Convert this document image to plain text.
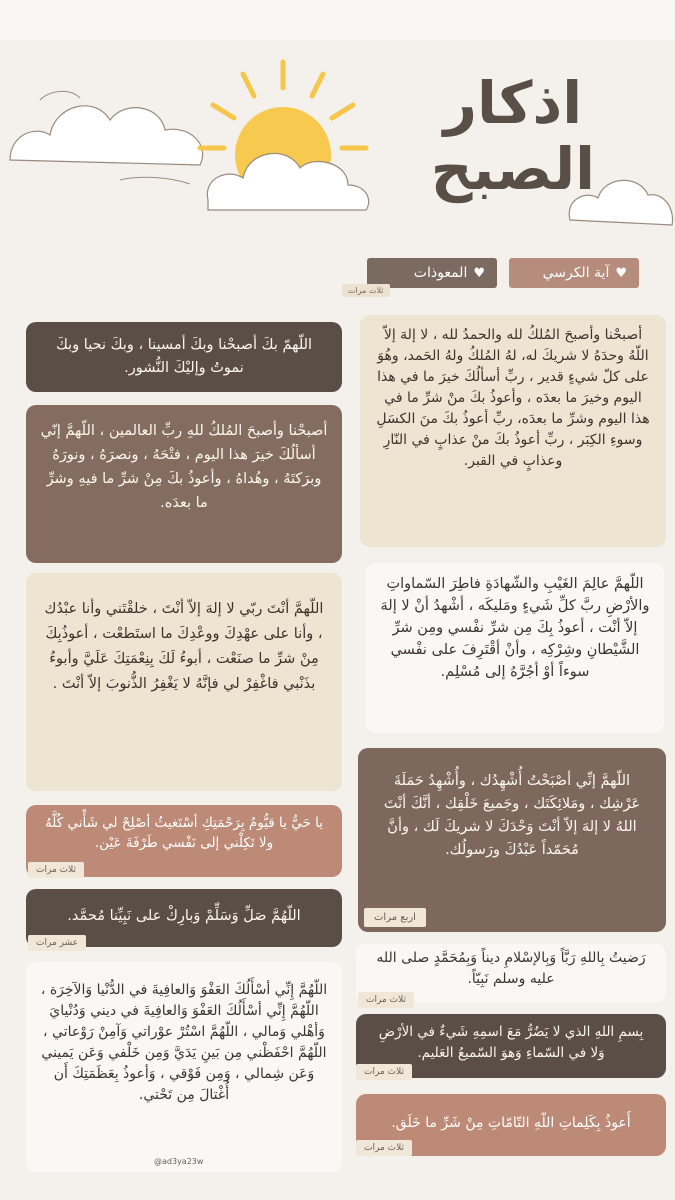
اذكار
الصبح
♥
آية الكرسي
♥
المعوذات
ثلاث مرات
اللّهمّ بكَ أصبحْنا وبكَ أمسينا ، وبكَ نحيا وبكَ نموتُ وإليْكَ النُّشور.
أصبحْنا وأصبحَ المُلكُ للهِ ربِّ العالمين ، اللّهمَّ إنّي أسألُكَ خيرَ هذا اليوم ، فتْحَهُ ، ونصرَهُ ، ونورَهُ وبرَكتَهُ ، وهُداهُ ، وأعوذُ بكَ مِنْ شرِّ ما فيهِ وشرِّ ما بعدَه.
اللّهمَّ أنْتَ ربّي لا إلهَ إلاّ أنْتَ ، خلقْتَني وأنا عبْدُك ، وأنا على عهْدِكَ ووعْدِكَ ما استَطعْت ، أعوذُبِكَ مِنْ شرِّ ما صنَعْت ، أبوءُ لَكَ بِنِعْمَتِكَ عَلَيَّ وأبوءُ بذَنْبي فاغْفِرْ لي فإنَّهُ لا يَغْفِرُ الذُّنوبَ إلاّ أنْتَ .
يا حَيُّ يا قيُّومُ بِرَحْمَتِكِ أسْتَغيثُ أصْلِحْ لي شَأْني كُلَّهُ ولا تَكِلْني إلى نَفْسي طَرْفَةَ عَيْن.
ثلاث مرات
اللّهُمَّ صَلِّ وَسَلِّمْ وَبارِكْ على نَبِيِّنا مُحمَّد.
عشر مرات
اللّهُمَّ إِنِّي أسْأَلُكَ العَفْوَ وَالعافِيةَ في الدُّنْيا وَالآخِرَة ، اللّهُمَّ إِنِّي أسْأَلُكَ العَفْوَ وَالعافِيةَ في ديني وَدُنْيايَ وَأهْلي وَمالي ، اللّهُمَّ اسْتُرْ عوْراتي وَآمِنْ رَوْعاتي ، اللّهُمَّ احْفَظْني مِن بَينِ يَدَيَّ وَمِن خَلْفي وَعَن يَميني وَعَن شِمالي ، وَمِن فَوْقي ، وَأعوذُ بِعَظَمَتِكَ أَن أُغْتالَ مِن تَحْتي.
@ad3ya23w
أصبحْنا وأصبحَ المُلكُ لله والحمدُ لله ، لا إلهَ إلاّ اللّهُ وحدَهُ لا شريكَ له، لهُ المُلكُ ولهُ الحَمد، وهُوَ على كلّ شيءٍ قدير ، ربِّ أسألُكَ خيرَ ما في هذا اليوم وخيرَ ما بعدَه ، وأعوذُ بكَ منْ شرِّ ما في هذا اليوم وشرِّ ما بعدَه، ربِّ أعوذُ بكَ منَ الكسَلِ وسوءِ الكِبَر ، ربِّ أعوذُ بكَ منْ عذابٍ في النّارِ وعذابٍ في القبر.
اللّهمَّ عالِمَ الغَيْبِ والشّهادَةِ فاطِرَ السّماواتِ والأرْضِ ربَّ كلِّ شَيءٍ ومَليكَه ، أشْهدُ أنْ لا إلهَ إلاّ أنْت ، أعوذُ بِكَ مِن شرِّ نفْسي ومِن شرِّ الشَّيْطانِ وشِرْكِه ، وأنْ أقْتَرِفَ على نفْسي سوءاً أوْ أجُرَّهُ إلى مُسْلِم.
اللّهمَّ إنِّي أصْبَحْتُ أُشْهِدُك ، وأُشْهِدُ حَمَلَةَ عَرْشِك ، ومَلائِكَتَك ، وجَميعَ خَلْقِك ، أنَّكَ أنْتَ اللهُ لا إلهَ إلاّ أنْتَ وَحْدَكَ لا شريكَ لَك ، وأنَّ مُحَمّداً عَبْدُكَ ورَسولُك.
اربع مرات
رَضيتُ بِاللهِ رَبَّاً وَبِالإسْلامِ ديناً وَبِمُحَمَّدٍ صلى الله عليه وسلم نَبِيّاً.
ثلاث مرات
بِسمِ اللهِ الذي لا يَضُرُّ مَعَ اسمِهِ شَيءٌ في الأرْضِ وَلا في السّماءِ وَهوَ السّميعُ العَليم.
ثلاث مرات
أَعوذُ بِكَلِماتِ اللّهِ التّامّاتِ مِنْ شَرِّ ما خَلَق.
ثلاث مرات
